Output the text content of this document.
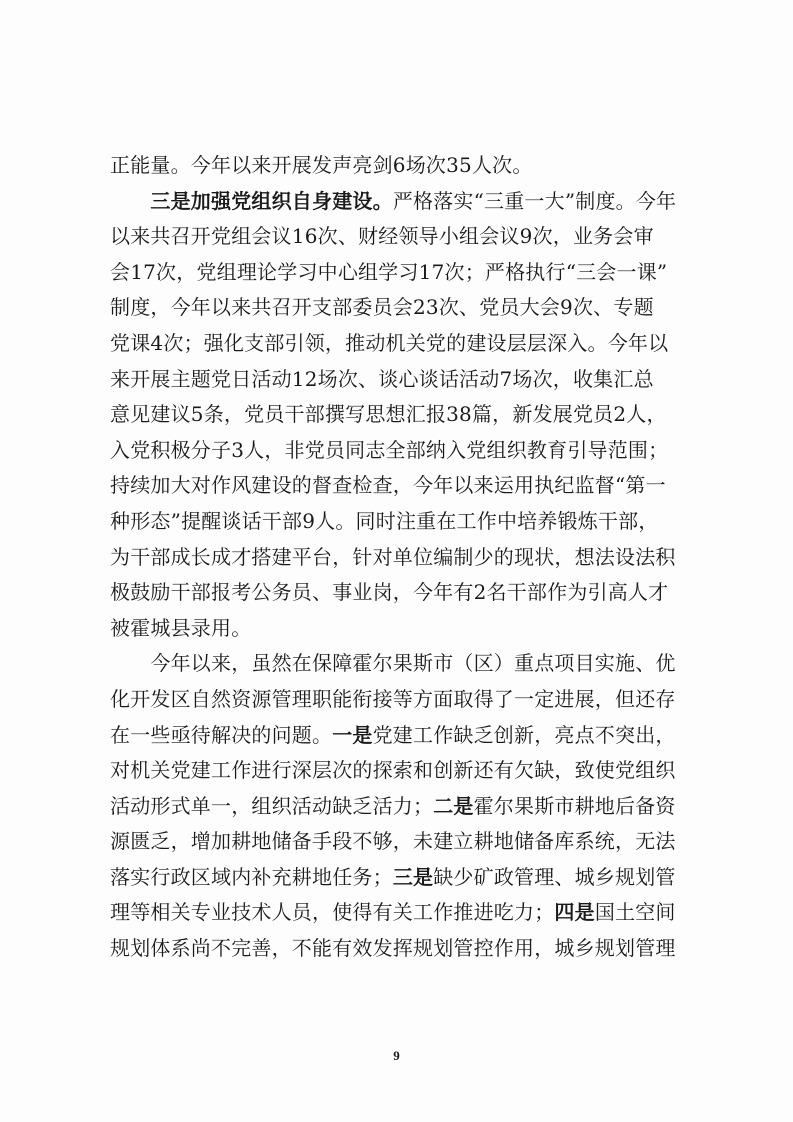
正能量。今年以来开展发声亮剑6场次35人次。
　　三是加强党组织自身建设。严格落实“三重一大”制度。今年
以来共召开党组会议16次、财经领导小组会议9次，业务会审
会17次，党组理论学习中心组学习17次；严格执行“三会一课”
制度，今年以来共召开支部委员会23次、党员大会9次、专题
党课4次；强化支部引领，推动机关党的建设层层深入。今年以
来开展主题党日活动12场次、谈心谈话活动7场次，收集汇总
意见建议5条，党员干部撰写思想汇报38篇，新发展党员2人，
入党积极分子3人，非党员同志全部纳入党组织教育引导范围；
持续加大对作风建设的督查检查，今年以来运用执纪监督“第一
种形态”提醒谈话干部9人。同时注重在工作中培养锻炼干部，
为干部成长成才搭建平台，针对单位编制少的现状，想法设法积
极鼓励干部报考公务员、事业岗，今年有2名干部作为引高人才
被霍城县录用。
　　今年以来，虽然在保障霍尔果斯市（区）重点项目实施、优
化开发区自然资源管理职能衔接等方面取得了一定进展，但还存
在一些亟待解决的问题。一是党建工作缺乏创新，亮点不突出，
对机关党建工作进行深层次的探索和创新还有欠缺，致使党组织
活动形式单一，组织活动缺乏活力；二是霍尔果斯市耕地后备资
源匮乏，增加耕地储备手段不够，未建立耕地储备库系统，无法
落实行政区域内补充耕地任务；三是缺少矿政管理、城乡规划管
理等相关专业技术人员，使得有关工作推进吃力；四是国土空间
规划体系尚不完善，不能有效发挥规划管控作用，城乡规划管理
9
